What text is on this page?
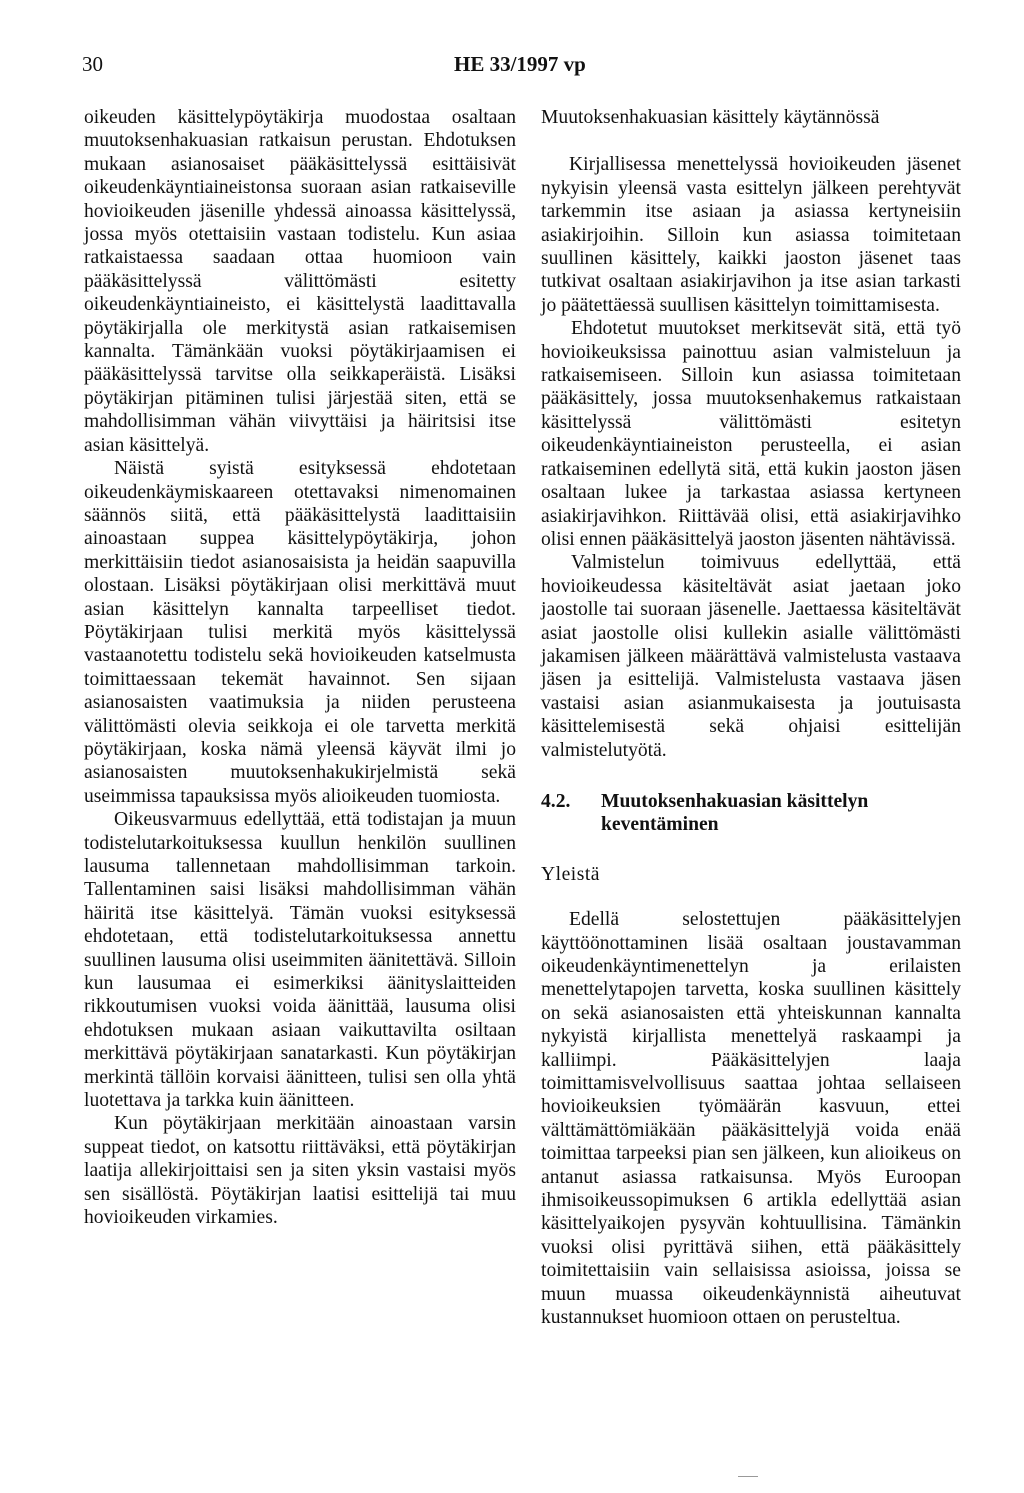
30	HE 33/1997 vp

oikeuden käsittelypöytäkirja muodostaa osaltaan muutoksenhakuasian ratkaisun perustan. Ehdotuksen mukaan asianosaiset pääkäsittelyssä esittäisivät oikeudenkäyntiaineistonsa suoraan asian ratkaiseville hovioikeuden jäsenille yhdessä ainoassa käsittelyssä, jossa myös otettaisiin vastaan todistelu. Kun asiaa ratkaistaessa saadaan ottaa huomioon vain pääkäsittelyssä välittömästi esitetty oikeudenkäyntiaineisto, ei käsittelystä laadittavalla pöytäkirjalla ole merkitystä asian ratkaisemisen kannalta. Tämänkään vuoksi pöytäkirjaamisen ei pääkäsittelyssä tarvitse olla seikkaperäistä. Lisäksi pöytäkirjan pitäminen tulisi järjestää siten, että se mahdollisimman vähän viivyttäisi ja häiritsisi itse asian käsittelyä.

Näistä syistä esityksessä ehdotetaan oikeudenkäymiskaareen otettavaksi nimenomainen säännös siitä, että pääkäsittelystä laadittaisiin ainoastaan suppea käsittelypöytäkirja, johon merkittäisiin tiedot asianosaisista ja heidän saapuvilla olostaan. Lisäksi pöytäkirjaan olisi merkittävä muut asian käsittelyn kannalta tarpeelliset tiedot. Pöytäkirjaan tulisi merkitä myös käsittelyssä vastaanotettu todistelu sekä hovioikeuden katselmusta toimittaessaan tekemät havainnot. Sen sijaan asianosaisten vaatimuksia ja niiden perusteena välittömästi olevia seikkoja ei ole tarvetta merkitä pöytäkirjaan, koska nämä yleensä käyvät ilmi jo asianosaisten muutoksenhakukirjelmistä sekä useimmissa tapauksissa myös alioikeuden tuomiosta.

Oikeusvarmuus edellyttää, että todistajan ja muun todistelutarkoituksessa kuullun henkilön suullinen lausuma tallennetaan mahdollisimman tarkoin. Tallentaminen saisi lisäksi mahdollisimman vähän häiritä itse käsittelyä. Tämän vuoksi esityksessä ehdotetaan, että todistelutarkoituksessa annettu suullinen lausuma olisi useimmiten äänitettävä. Silloin kun lausumaa ei esimerkiksi äänityslaitteiden rikkoutumisen vuoksi voida äänittää, lausuma olisi ehdotuksen mukaan asiaan vaikuttavilta osiltaan merkittävä pöytäkirjaan sanatarkasti. Kun pöytäkirjan merkintä tällöin korvaisi äänitteen, tulisi sen olla yhtä luotettava ja tarkka kuin äänitteen.

Kun pöytäkirjaan merkitään ainoastaan varsin suppeat tiedot, on katsottu riittäväksi, että pöytäkirjan laatija allekirjoittaisi sen ja siten yksin vastaisi myös sen sisällöstä. Pöytäkirjan laatisi esittelijä tai muu hovioikeuden virkamies.

Muutoksenhakuasian käsittely käytännössä

Kirjallisessa menettelyssä hovioikeuden jäsenet nykyisin yleensä vasta esittelyn jälkeen perehtyvät tarkemmin itse asiaan ja asiassa kertyneisiin asiakirjoihin. Silloin kun asiassa toimitetaan suullinen käsittely, kaikki jaoston jäsenet taas tutkivat osaltaan asiakirjavihon ja itse asian tarkasti jo päätettäessä suullisen käsittelyn toimittamisesta.

Ehdotetut muutokset merkitsevät sitä, että työ hovioikeuksissa painottuu asian valmisteluun ja ratkaisemiseen. Silloin kun asiassa toimitetaan pääkäsittely, jossa muutoksenhakemus ratkaistaan käsittelyssä välittömästi esitetyn oikeudenkäyntiaineiston perusteella, ei asian ratkaiseminen edellytä sitä, että kukin jaoston jäsen osaltaan lukee ja tarkastaa asiassa kertyneen asiakirjavihkon. Riittävää olisi, että asiakirjavihko olisi ennen pääkäsittelyä jaoston jäsenten nähtävissä.

Valmistelun toimivuus edellyttää, että hovioikeudessa käsiteltävät asiat jaetaan joko jaostolle tai suoraan jäsenelle. Jaettaessa käsiteltävät asiat jaostolle olisi kullekin asialle välittömästi jakamisen jälkeen määrättävä valmistelusta vastaava jäsen ja esittelijä. Valmistelusta vastaava jäsen vastaisi asian asianmukaisesta ja joutuisasta käsittelemisestä sekä ohjaisi esittelijän valmistelutyötä.

4.2.	Muutoksenhakuasian käsittelyn keventäminen

Yleistä

Edellä selostettujen pääkäsittelyjen käyttöönottaminen lisää osaltaan joustavamman oikeudenkäyntimenettelyn ja erilaisten menettelytapojen tarvetta, koska suullinen käsittely on sekä asianosaisten että yhteiskunnan kannalta nykyistä kirjallista menettelyä raskaampi ja kalliimpi. Pääkäsittelyjen laaja toimittamisvelvollisuus saattaa johtaa sellaiseen hovioikeuksien työmäärän kasvuun, ettei välttämättömiäkään pääkäsittelyjä voida enää toimittaa tarpeeksi pian sen jälkeen, kun alioikeus on antanut asiassa ratkaisunsa. Myös Euroopan ihmisoikeussopimuksen 6 artikla edellyttää asian käsittelyaikojen pysyvän kohtuullisina. Tämänkin vuoksi olisi pyrittävä siihen, että pääkäsittely toimitettaisiin vain sellaisissa asioissa, joissa se muun muassa oikeudenkäynnistä aiheutuvat kustannukset huomioon ottaen on perusteltua.
